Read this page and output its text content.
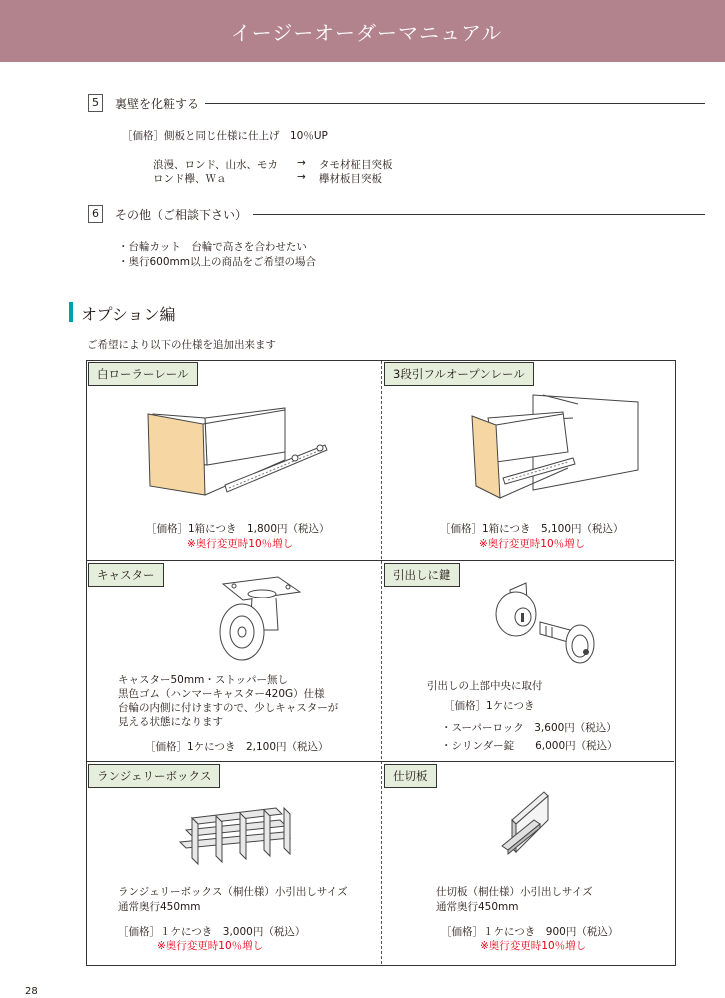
イージーオーダーマニュアル
5	裏壁を化粧する
［価格］側板と同じ仕様に仕上げ　10％UP
浪漫、ロンド、山水、モカ → タモ材柾目突板
ロンド欅、Ｗａ	→ 欅材板目突板
6	その他（ご相談下さい）
・台輪カット　台輪で高さを合わせたい
・奥行600mm以上の商品をご希望の場合
オプション編
ご希望により以下の仕様を追加出来ます
白ローラーレール
［価格］1箱につき　1,800円（税込）
※奥行変更時10％増し
3段引フルオープンレール
［価格］1箱につき　5,100円（税込）
※奥行変更時10％増し
キャスター
キャスター50mm・ストッパー無し
黒色ゴム（ハンマーキャスター420G）仕様
台輪の内側に付けますので、少しキャスターが
見える状態になります
［価格］1ケにつき　2,100円（税込）
引出しに鍵
引出しの上部中央に取付
［価格］1ケにつき
・スーパーロック　3,600円（税込）
・シリンダー錠　　6,000円（税込）
ランジェリーボックス
ランジェリーボックス（桐仕様）小引出しサイズ
通常奥行450mm
［価格］１ケにつき　3,000円（税込）
※奥行変更時10％増し
仕切板
仕切板（桐仕様）小引出しサイズ
通常奥行450mm
［価格］１ケにつき　900円（税込）
※奥行変更時10％増し
28
